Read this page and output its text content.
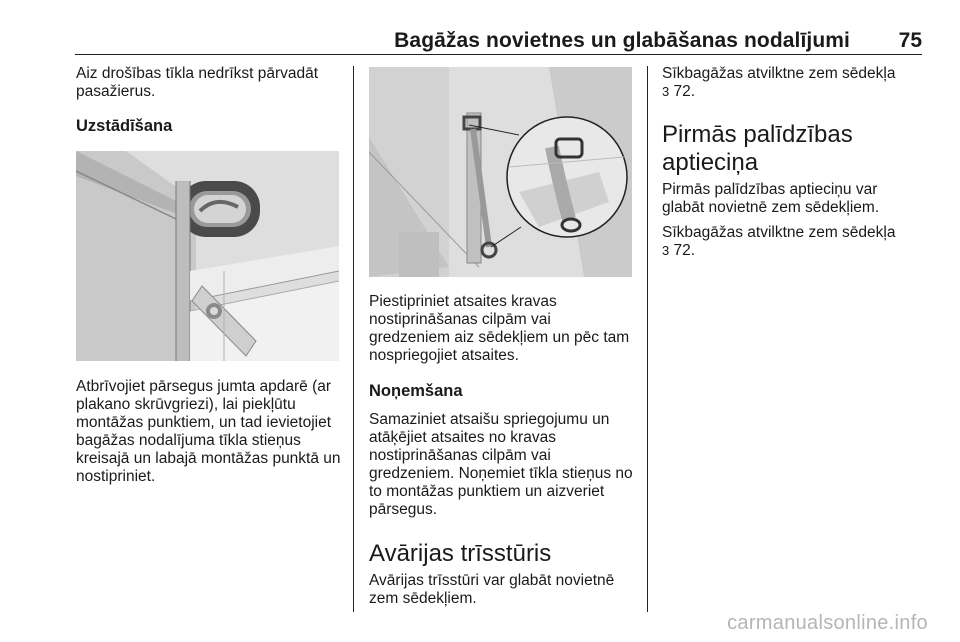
Bagāžas novietnes un glabāšanas nodalījumi 75

Aiz drošības tīkla nedrīkst pārvadāt pasažierus.

Uzstādīšana

Atbrīvojiet pārsegus jumta apdarē (ar plakano skrūvgriezi), lai piekļūtu montāžas punktiem, un tad ievietojiet bagāžas nodalījuma tīkla stieņus kreisajā un labajā montāžas punktā un nostipriniet.

Piestipriniet atsaites kravas nostiprināšanas cilpām vai gredzeniem aiz sēdekļiem un pēc tam nospriegojiet atsaites.

Noņemšana

Samaziniet atsaišu spriegojumu un atāķējiet atsaites no kravas nostiprināšanas cilpām vai gredzeniem. Noņemiet tīkla stieņus no to montāžas punktiem un aizveriet pārsegus.

Avārijas trīsstūris

Avārijas trīsstūri var glabāt novietnē zem sēdekļiem.

Sīkbagāžas atvilktne zem sēdekļa
3 72.

Pirmās palīdzības aptieciņa

Pirmās palīdzības aptieciņu var glabāt novietnē zem sēdekļiem.

Sīkbagāžas atvilktne zem sēdekļa
3 72.

carmanualsonline.info
